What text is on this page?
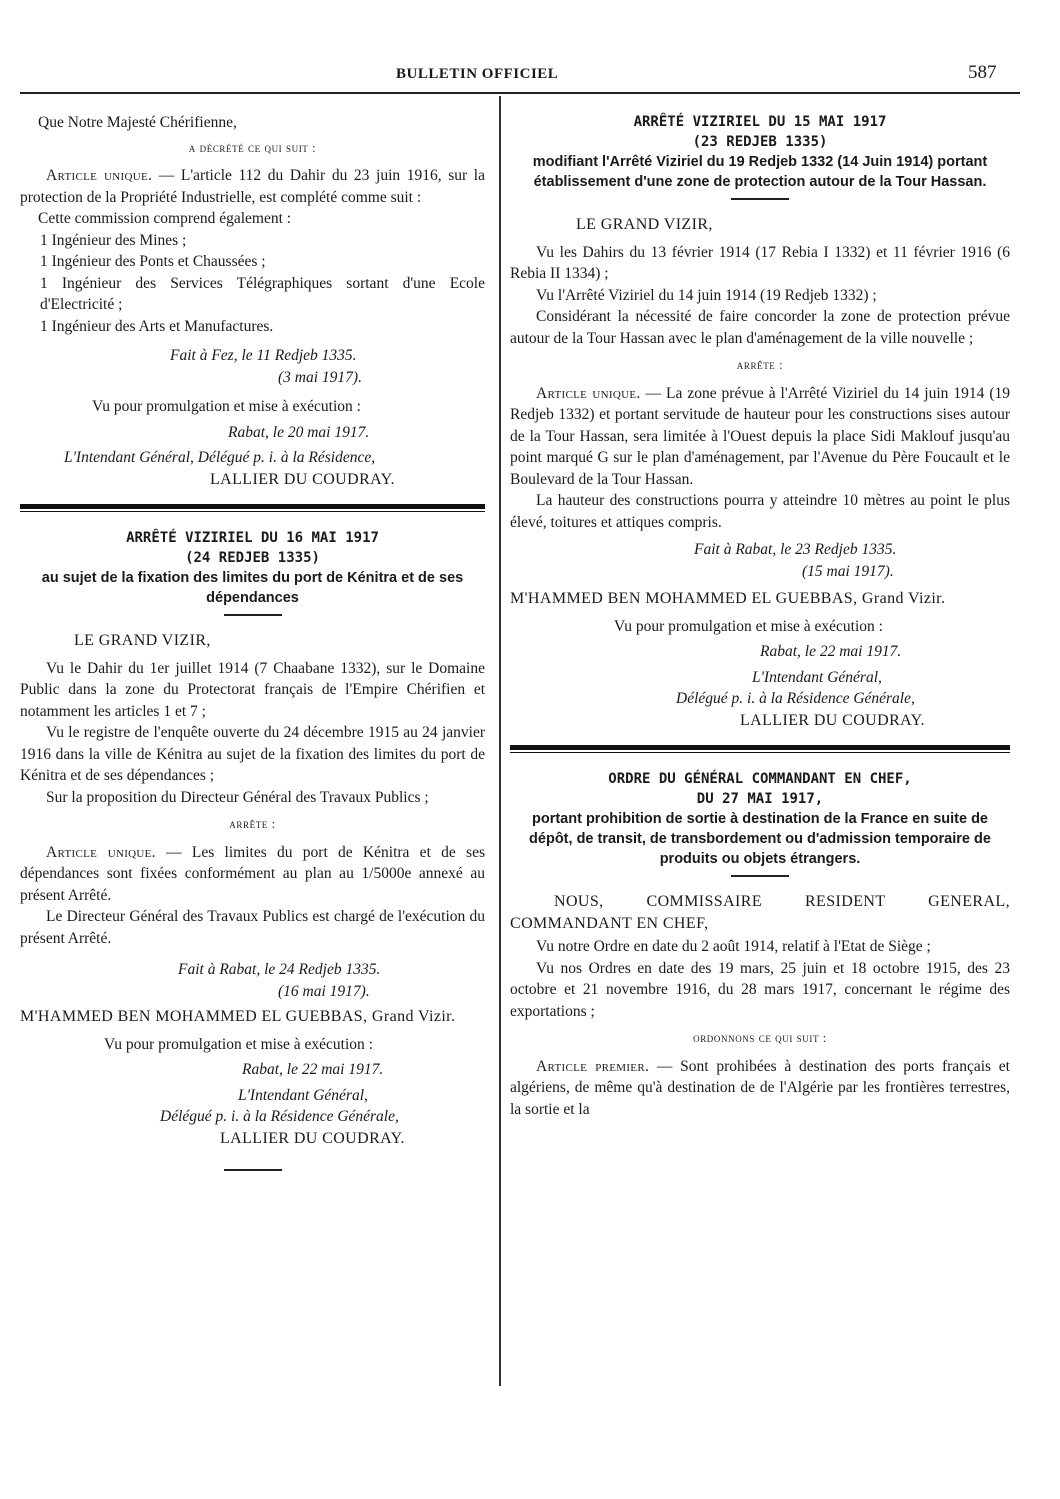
BULLETIN OFFICIEL	587

Que Notre Majesté Chérifienne,

a décrété ce qui suit :

Article unique. — L'article 112 du Dahir du 23 juin 1916, sur la protection de la Propriété Industrielle, est complété comme suit :

Cette commission comprend également :

1 Ingénieur des Mines ;

1 Ingénieur des Ponts et Chaussées ;

1 Ingénieur des Services Télégraphiques sortant d'une Ecole d'Electricité ;

1 Ingénieur des Arts et Manufactures.

Fait à Fez, le 11 Redjeb 1335.

(3 mai 1917).

Vu pour promulgation et mise à exécution :

Rabat, le 20 mai 1917.

L'Intendant Général, Délégué p. i. à la Résidence,

LALLIER DU COUDRAY.

ARRÊTÉ VIZIRIEL DU 16 MAI 1917
(24 REDJEB 1335)
au sujet de la fixation des limites du port de Kénitra et de ses dépendances

LE GRAND VIZIR,

Vu le Dahir du 1er juillet 1914 (7 Chaabane 1332), sur le Domaine Public dans la zone du Protectorat français de l'Empire Chérifien et notamment les articles 1 et 7 ;

Vu le registre de l'enquête ouverte du 24 décembre 1915 au 24 janvier 1916 dans la ville de Kénitra au sujet de la fixation des limites du port de Kénitra et de ses dépendances ;

Sur la proposition du Directeur Général des Travaux Publics ;

arrête :

Article unique. — Les limites du port de Kénitra et de ses dépendances sont fixées conformément au plan au 1/5000e annexé au présent Arrêté.

Le Directeur Général des Travaux Publics est chargé de l'exécution du présent Arrêté.

Fait à Rabat, le 24 Redjeb 1335.

(16 mai 1917).

M'HAMMED BEN MOHAMMED EL GUEBBAS, Grand Vizir.

Vu pour promulgation et mise à exécution :

Rabat, le 22 mai 1917.

L'Intendant Général,

Délégué p. i. à la Résidence Générale,

LALLIER DU COUDRAY.

ARRÊTÉ VIZIRIEL DU 15 MAI 1917
(23 REDJEB 1335)
modifiant l'Arrêté Viziriel du 19 Redjeb 1332 (14 Juin 1914) portant établissement d'une zone de protection autour de la Tour Hassan.

LE GRAND VIZIR,

Vu les Dahirs du 13 février 1914 (17 Rebia I 1332) et 11 février 1916 (6 Rebia II 1334) ;

Vu l'Arrêté Viziriel du 14 juin 1914 (19 Redjeb 1332) ;

Considérant la nécessité de faire concorder la zone de protection prévue autour de la Tour Hassan avec le plan d'aménagement de la ville nouvelle ;

arrête :

Article unique. — La zone prévue à l'Arrêté Viziriel du 14 juin 1914 (19 Redjeb 1332) et portant servitude de hauteur pour les constructions sises autour de la Tour Hassan, sera limitée à l'Ouest depuis la place Sidi Maklouf jusqu'au point marqué G sur le plan d'aménagement, par l'Avenue du Père Foucault et le Boulevard de la Tour Hassan.

La hauteur des constructions pourra y atteindre 10 mètres au point le plus élevé, toitures et attiques compris.

Fait à Rabat, le 23 Redjeb 1335.

(15 mai 1917).

M'HAMMED BEN MOHAMMED EL GUEBBAS, Grand Vizir.

Vu pour promulgation et mise à exécution :

Rabat, le 22 mai 1917.

L'Intendant Général,

Délégué p. i. à la Résidence Générale,

LALLIER DU COUDRAY.

ORDRE DU GÉNÉRAL COMMANDANT EN CHEF,
DU 27 MAI 1917,
portant prohibition de sortie à destination de la France en suite de dépôt, de transit, de transbordement ou d'admission temporaire de produits ou objets étrangers.

NOUS, COMMISSAIRE RESIDENT GENERAL, COMMANDANT EN CHEF,

Vu notre Ordre en date du 2 août 1914, relatif à l'Etat de Siège ;

Vu nos Ordres en date des 19 mars, 25 juin et 18 octobre 1915, des 23 octobre et 21 novembre 1916, du 28 mars 1917, concernant le régime des exportations ;

ordonnons ce qui suit :

Article premier. — Sont prohibées à destination des ports français et algériens, de même qu'à destination de de l'Algérie par les frontières terrestres, la sortie et la
